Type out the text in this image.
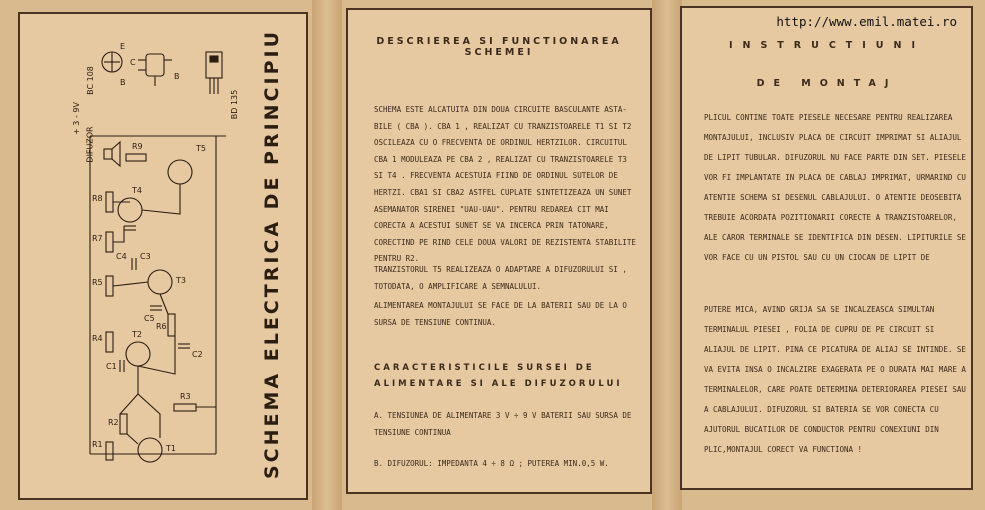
+ 3 - 9V
DIFUZOR	R9	T5
R8
T4
R7
C4 C3
R5	T3
C5
R6
R4	T2
C1
C2
R3
R2
R1	T1
E
B
C
B
BC 108
BD 135 SCHEMA ELECTRICA DE PRINCIPIU	DESCRIEREA SI FUNCTIONAREA
SCHEMEI

SCHEMA ESTE ALCATUITA DIN DOUA CIRCUITE BASCULANTE ASTA-BILE ( CBA ). CBA 1 , REALIZAT CU TRANZISTOARELE T1 SI T2 OSCILEAZA CU O FRECVENTA DE ORDINUL HERTZILOR. CIRCUITUL CBA 1 MODULEAZA PE CBA 2 , REALIZAT CU TRANZISTOARELE T3 SI T4 . FRECVENTA ACESTUIA FIIND DE ORDINUL SUTELOR DE HERTZI. CBA1 SI CBA2 ASTFEL CUPLATE SINTETIZEAZA UN SUNET ASEMANATOR SIRENEI "UAU-UAU". PENTRU REDAREA CIT MAI CORECTA A ACESTUI SUNET SE VA INCERCA PRIN TATONARE, CORECTIND PE RIND CELE DOUA VALORI DE REZISTENTA STABILITE PENTRU R2.

TRANZISTORUL T5 REALIZEAZA O ADAPTARE A DIFUZORULUI SI , TOTODATA, O AMPLIFICARE A SEMNALULUI.

ALIMENTAREA MONTAJULUI SE FACE DE LA BATERII SAU DE LA O SURSA DE TENSIUNE CONTINUA.

CARACTERISTICILE SURSEI DE ALIMENTARE SI ALE DIFUZORULUI

A. TENSIUNEA DE ALIMENTARE 3 V ÷ 9 V BATERII SAU SURSA DE TENSIUNE CONTINUA

B. DIFUZORUL: IMPEDANTA 4 ÷ 8 Ω ; PUTEREA MIN.0,5 W.

INSTRUCTIUNI

DE MONTAJ

PLICUL CONTINE TOATE PIESELE NECESARE PENTRU REALIZAREA MONTAJULUI, INCLUSIV PLACA DE CIRCUIT IMPRIMAT SI ALIAJUL DE LIPIT TUBULAR. DIFUZORUL NU FACE PARTE DIN SET. PIESELE VOR FI IMPLANTATE IN PLACA DE CABLAJ IMPRIMAT, URMARIND CU ATENTIE SCHEMA SI DESENUL CABLAJULUI. O ATENTIE DEOSEBITA TREBUIE ACORDATA POZITIONARII CORECTE A TRANZISTOARELOR, ALE CAROR TERMINALE SE IDENTIFICA DIN DESEN. LIPITURILE SE VOR FACE CU UN PISTOL SAU CU UN CIOCAN DE LIPIT DE

PUTERE MICA, AVIND GRIJA SA SE INCALZEASCA SIMULTAN TERMINALUL PIESEI , FOLIA DE CUPRU DE PE CIRCUIT SI ALIAJUL DE LIPIT. PINA CE PICATURA DE ALIAJ SE INTINDE. SE VA EVITA INSA O INCALZIRE EXAGERATA PE O DURATA MAI MARE A TERMINALELOR, CARE POATE DETERMINA DETERIORAREA PIESEI SAU A CABLAJULUI. DIFUZORUL SI BATERIA SE VOR CONECTA CU AJUTORUL BUCATILOR DE CONDUCTOR PENTRU CONEXIUNI DIN PLIC,MONTAJUL CORECT VA FUNCTIONA !

http://www.emil.matei.ro
